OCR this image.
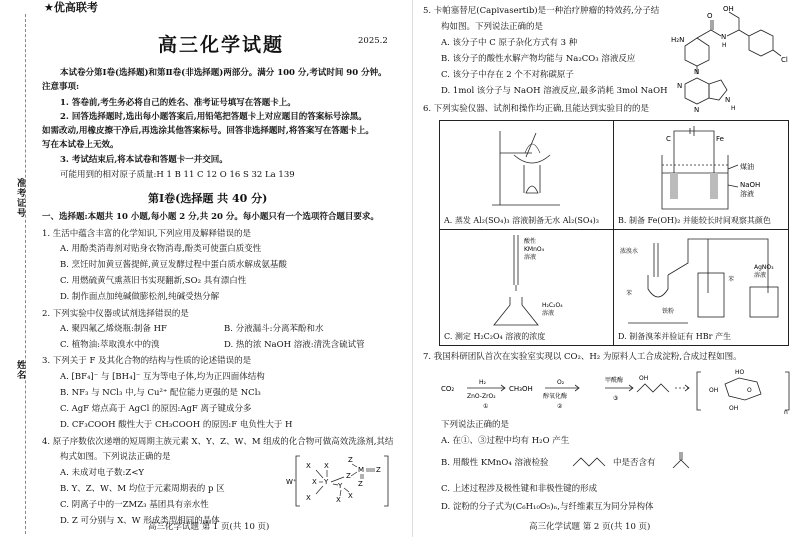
准考证号
姓名
★优高联考
高三化学试题	2025.2
本试卷分第Ⅰ卷(选择题)和第Ⅱ卷(非选择题)两部分。满分 100 分,考试时间 90 分钟。
注意事项:
1. 答卷前,考生务必将自己的姓名、准考证号填写在答题卡上。
2. 回答选择题时,选出每小题答案后,用铅笔把答题卡上对应题目的答案标号涂黑。
如需改动,用橡皮擦干净后,再选涂其他答案标号。回答非选择题时,将答案写在答题卡上。
写在本试卷上无效。
3. 考试结束后,将本试卷和答题卡一并交回。
可能用到的相对原子质量:H 1 B 11 C 12 O 16 S 32 La 139
第Ⅰ卷(选择题 共 40 分)
一、选择题:本题共 10 小题,每小题 2 分,共 20 分。每小题只有一个选项符合题目要求。
1. 生活中蕴含丰富的化学知识,下列应用及解释错误的是
A. 用酚类消毒剂对贴身衣物消毒,酚类可使蛋白质变性
B. 烹饪时加黄豆酱提鲜,黄豆发酵过程中蛋白质水解成氨基酸
C. 用燃硫黄气熏蒸旧书实现翻新,SO₂ 具有漂白性
D. 制作面点加纯碱做膨松剂,纯碱受热分解
2. 下列实验中仪器或试剂选择错误的是
A. 聚四氟乙烯烧瓶:制备 HF	B. 分液漏斗:分离苯酚和水
C. 植物油:萃取溴水中的溴	D. 热的浓 NaOH 溶液:清洗含硫试管
3. 下列关于 F 及其化合物的结构与性质的论述错误的是
A. [BF₄]⁻ 与 [BH₄]⁻ 互为等电子体,均为正四面体结构
B. NF₃ 与 NCl₃ 中,与 Cu²⁺ 配位能力更强的是 NCl₃
C. AgF 熔点高于 AgCl 的原因:AgF 离子键成分多
D. CF₃COOH 酸性大于 CH₃COOH 的原因:F 电负性大于 H
4. 原子序数依次递增的短周期主族元素 X、Y、Z、W、M 组成的化合物可做高效洗涤剂,其结
构式如图。下列说法正确的是
A. 未成对电子数:Z<Y
B. Y、Z、W、M 均位于元素周期表的 p 区
C. 阴离子中的一ZMZ₃ 基团具有亲水性
D. Z 可分别与 X、W 形成类型相同的晶体
W⁺
X
X
X Y
X
Z
M Z
Z
Z
Y
X X
高三化学试题 第 1 页(共 10 页)
5. 卡帕塞替尼(Capivasertib)是一种治疗肿瘤的特效药,分子结
构如图。下列说法正确的是
A. 该分子中 C 原子杂化方式有 3 种
B. 该分子的酸性水解产物均能与 Na₂CO₃ 溶液反应
C. 该分子中存在 2 个不对称碳原子
D. 1mol 该分子与 NaOH 溶液反应,最多消耗 3mol NaOH
OH
O
H₂N	N
H
Cl
N
N
N
N
H
6. 下列实验仪器、试剂和操作均正确,且能达到实验目的的是
A. 蒸发 Al₂(SO₄)₃ 溶液制备无水 Al₂(SO₄)₃
C	Fe
煤油
NaOH
溶液
B. 制备 Fe(OH)₂ 并能较长时间观察其颜色
酸性
KMnO₄
溶液
H₂C₂O₄
溶液
C. 测定 H₂C₂O₄ 溶液的浓度
浓溴水
苯
铁粉
苯
AgNO₃
溶液
D. 制备溴苯并验证有 HBr 产生
7. 我国科研团队首次在实验室实现以 CO₂、H₂ 为原料人工合成淀粉,合成过程如图。
CO₂
H₂
ZnO-ZrO₂
①
CH₃OH
O₂
醇氧化酶
②
甲酰酶
③
OH
HO
OH	O
OH
n
下列说法正确的是
A. 在①、③过程中均有 H₂O 产生
B. 用酸性 KMnO₄ 溶液检验	中是否含有
C. 上述过程涉及极性键和非极性键的形成
D. 淀粉的分子式为(C₆H₁₀O₅)ₙ,与纤维素互为同分异构体
高三化学试题 第 2 页(共 10 页)
